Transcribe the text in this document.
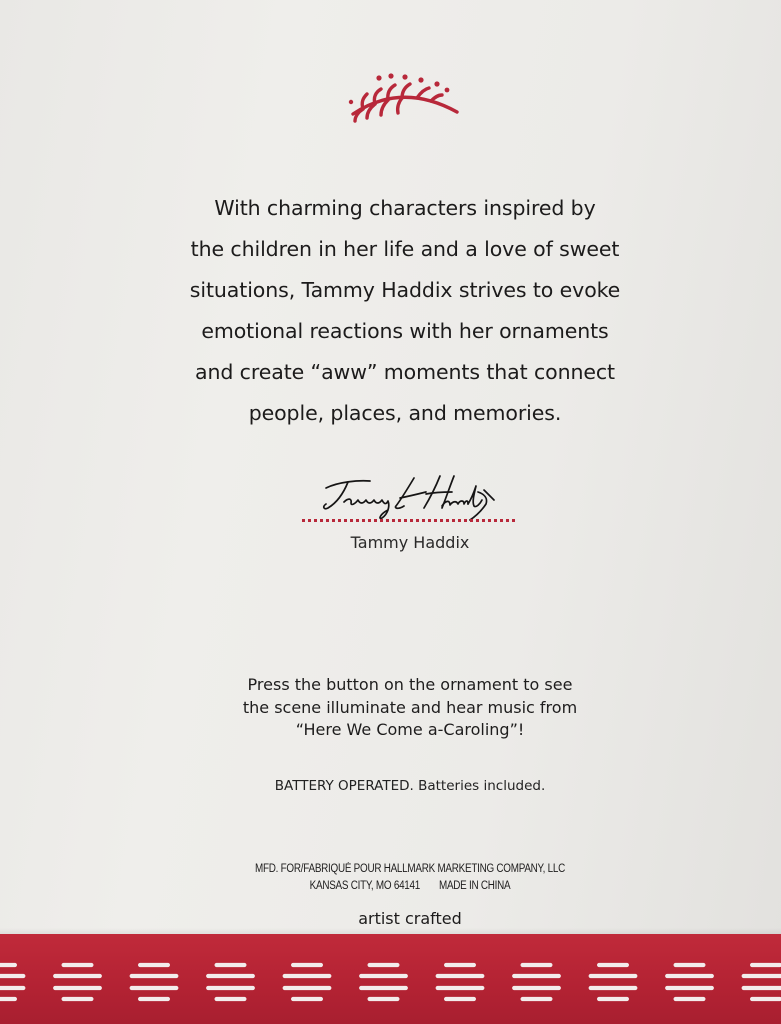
With charming characters inspired by
the children in her life and a love of sweet
situations, Tammy Haddix strives to evoke
emotional reactions with her ornaments
and create “aww” moments that connect
people, places, and memories.

Tammy Haddix

Press the button on the ornament to see
the scene illuminate and hear music from
“Here We Come a-Caroling”!

BATTERY OPERATED. Batteries included.
MFD. FOR/FABRIQUÉ POUR HALLMARK MARKETING COMPANY, LLC
KANSAS CITY, MO 64141 MADE IN CHINA
artist crafted
